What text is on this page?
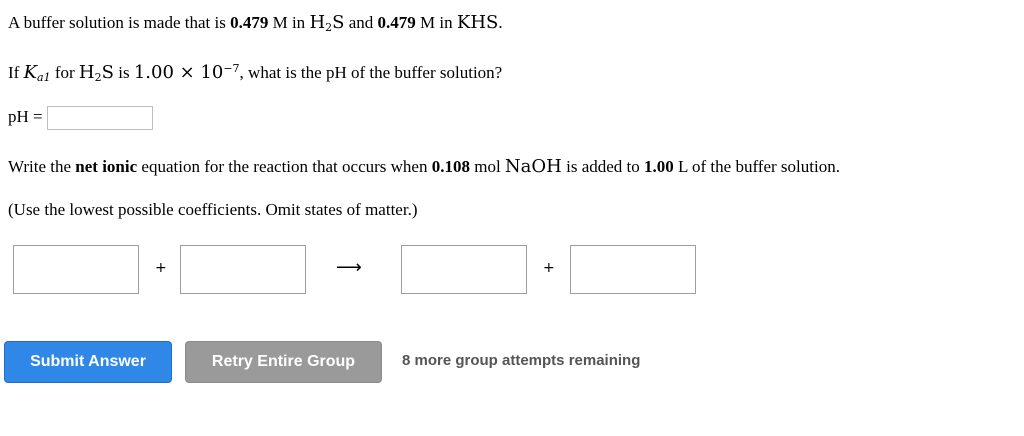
A buffer solution is made that is 0.479 M in $H_2S$ and 0.479 M in KHS.
If $K_{a1}$ for $H_2S$ is $1.00 \times 10^{-7}$, what is the pH of the buffer solution?
pH =
Write the net ionic equation for the reaction that occurs when 0.108 mol NaOH is added to 1.00 L of the buffer solution.
(Use the lowest possible coefficients. Omit states of matter.)
+	⟶	+
Submit Answer	Retry Entire Group	8 more group attempts remaining
